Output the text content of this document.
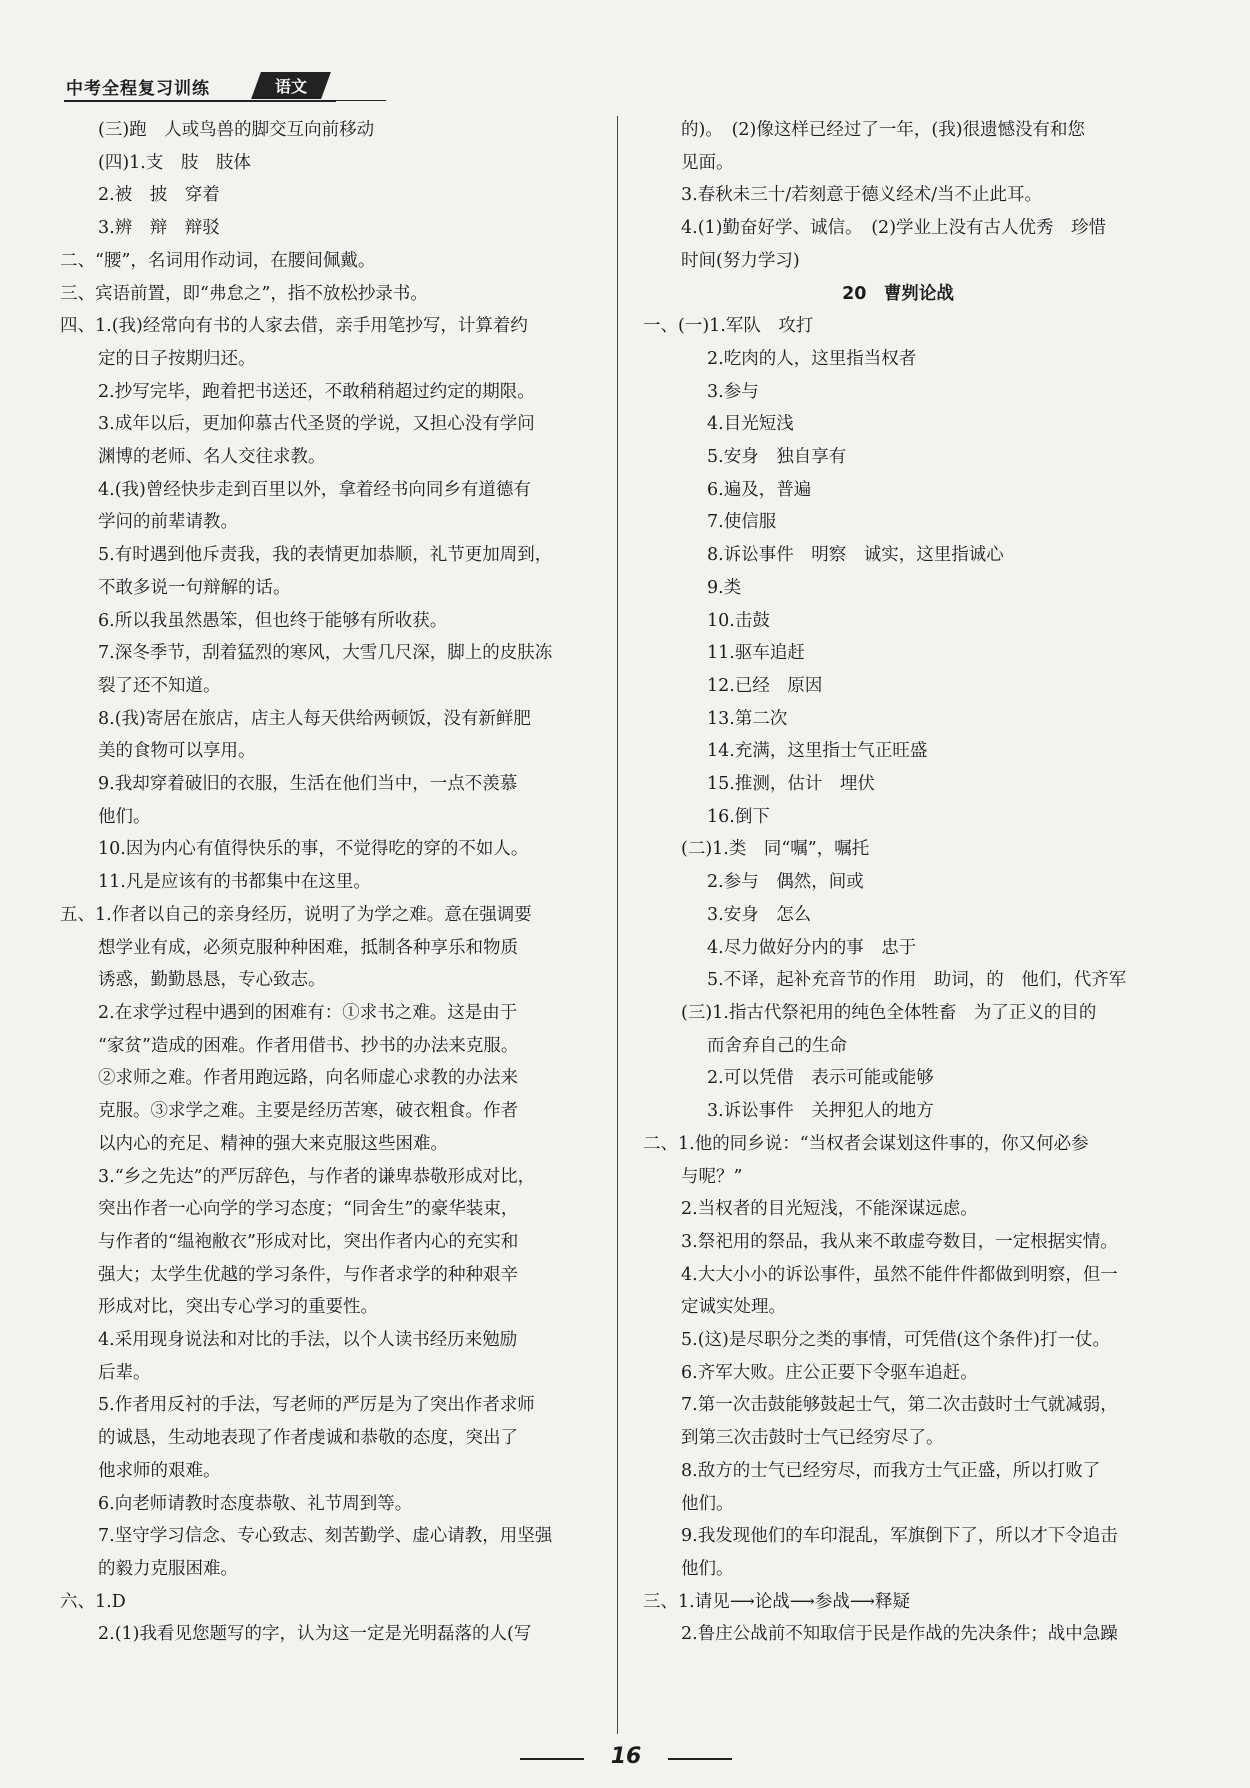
中考全程复习训练	语文
(三)跑　人或鸟兽的脚交互向前移动
(四)1.支　肢　肢体
2.被　披　穿着
3.辨　辩　辩驳
二、“腰”，名词用作动词，在腰间佩戴。
三、宾语前置，即“弗怠之”，指不放松抄录书。
四、1.(我)经常向有书的人家去借，亲手用笔抄写，计算着约
定的日子按期归还。
2.抄写完毕，跑着把书送还，不敢稍稍超过约定的期限。
3.成年以后，更加仰慕古代圣贤的学说，又担心没有学问
渊博的老师、名人交往求教。
4.(我)曾经快步走到百里以外，拿着经书向同乡有道德有
学问的前辈请教。
5.有时遇到他斥责我，我的表情更加恭顺，礼节更加周到，
不敢多说一句辩解的话。
6.所以我虽然愚笨，但也终于能够有所收获。
7.深冬季节，刮着猛烈的寒风，大雪几尺深，脚上的皮肤冻
裂了还不知道。
8.(我)寄居在旅店，店主人每天供给两顿饭，没有新鲜肥
美的食物可以享用。
9.我却穿着破旧的衣服，生活在他们当中，一点不羡慕
他们。
10.因为内心有值得快乐的事，不觉得吃的穿的不如人。
11.凡是应该有的书都集中在这里。
五、1.作者以自己的亲身经历，说明了为学之难。意在强调要
想学业有成，必须克服种种困难，抵制各种享乐和物质
诱惑，勤勤恳恳，专心致志。
2.在求学过程中遇到的困难有：①求书之难。这是由于
“家贫”造成的困难。作者用借书、抄书的办法来克服。
②求师之难。作者用跑远路，向名师虚心求教的办法来
克服。③求学之难。主要是经历苦寒，破衣粗食。作者
以内心的充足、精神的强大来克服这些困难。
3.“乡之先达”的严厉辞色，与作者的谦卑恭敬形成对比，
突出作者一心向学的学习态度；“同舍生”的豪华装束，
与作者的“缊袍敝衣”形成对比，突出作者内心的充实和
强大；太学生优越的学习条件，与作者求学的种种艰辛
形成对比，突出专心学习的重要性。
4.采用现身说法和对比的手法，以个人读书经历来勉励
后辈。
5.作者用反衬的手法，写老师的严厉是为了突出作者求师
的诚恳，生动地表现了作者虔诚和恭敬的态度，突出了
他求师的艰难。
6.向老师请教时态度恭敬、礼节周到等。
7.坚守学习信念、专心致志、刻苦勤学、虚心请教，用坚强
的毅力克服困难。
六、1.D
2.(1)我看见您题写的字，认为这一定是光明磊落的人(写
的)。　(2)像这样已经过了一年，(我)很遗憾没有和您
见面。
3.春秋未三十/若刻意于德义经术/当不止此耳。
4.(1)勤奋好学、诚信。　(2)学业上没有古人优秀　珍惜
时间(努力学习)
20　曹刿论战
一、(一)1.军队　攻打
2.吃肉的人，这里指当权者
3.参与
4.目光短浅
5.安身　独自享有
6.遍及，普遍
7.使信服
8.诉讼事件　明察　诚实，这里指诚心
9.类
10.击鼓
11.驱车追赶
12.已经　原因
13.第二次
14.充满，这里指士气正旺盛
15.推测，估计　埋伏
16.倒下
(二)1.类　同“嘱”，嘱托
2.参与　偶然，间或
3.安身　怎么
4.尽力做好分内的事　忠于
5.不译，起补充音节的作用　助词，的　他们，代齐军
(三)1.指古代祭祀用的纯色全体牲畜　为了正义的目的
而舍弃自己的生命
2.可以凭借　表示可能或能够
3.诉讼事件　关押犯人的地方
二、1.他的同乡说：“当权者会谋划这件事的，你又何必参
与呢？”
2.当权者的目光短浅，不能深谋远虑。
3.祭祀用的祭品，我从来不敢虚夸数目，一定根据实情。
4.大大小小的诉讼事件，虽然不能件件都做到明察，但一
定诚实处理。
5.(这)是尽职分之类的事情，可凭借(这个条件)打一仗。
6.齐军大败。庄公正要下令驱车追赶。
7.第一次击鼓能够鼓起士气，第二次击鼓时士气就减弱，
到第三次击鼓时士气已经穷尽了。
8.敌方的士气已经穷尽，而我方士气正盛，所以打败了
他们。
9.我发现他们的车印混乱，军旗倒下了，所以才下令追击
他们。
三、1.请见⟶论战⟶参战⟶释疑
2.鲁庄公战前不知取信于民是作战的先决条件；战中急躁
16
